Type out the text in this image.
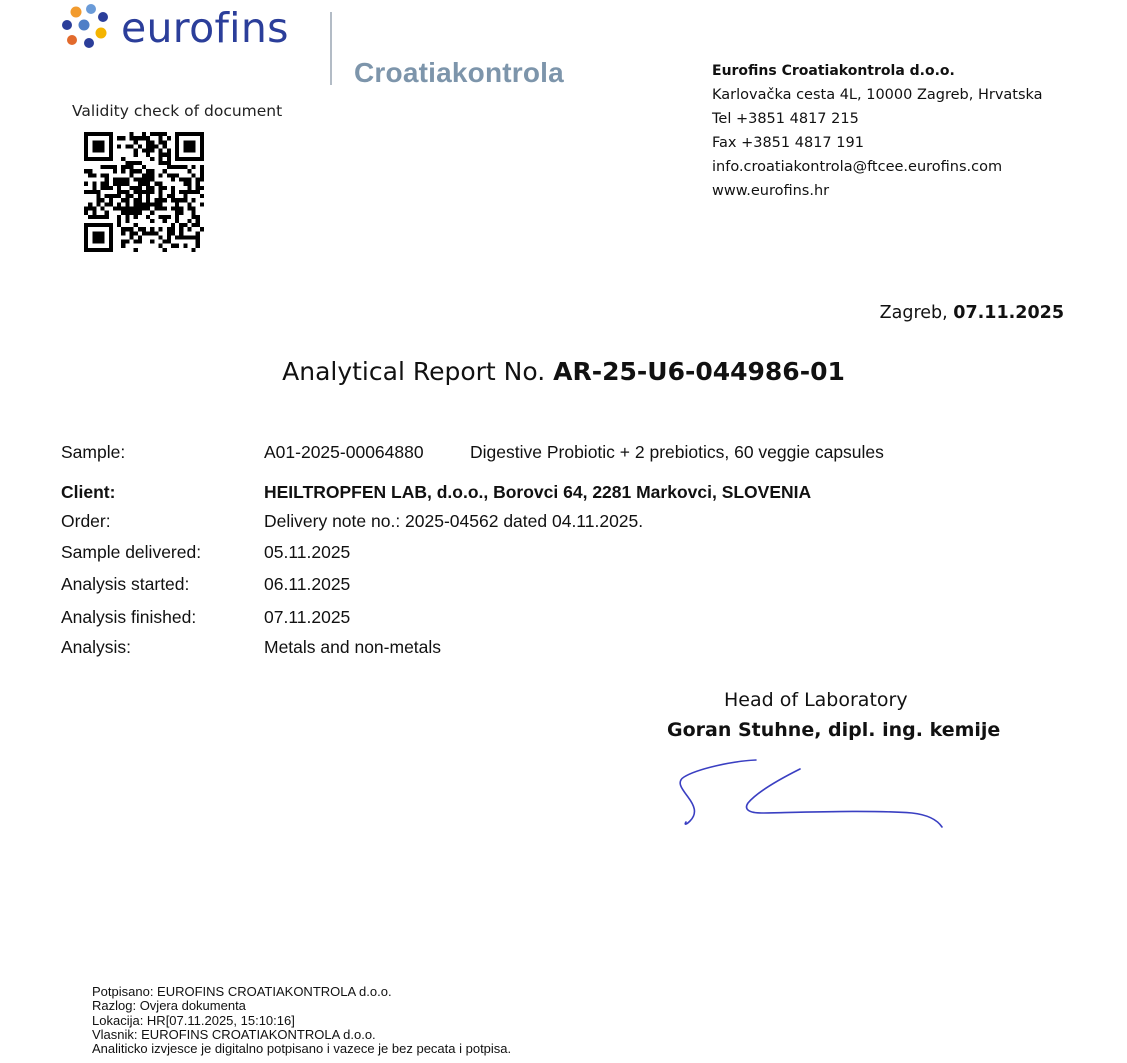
eurofins
Croatiakontrola	Eurofins Croatiakontrola d.o.o.
Karlovačka cesta 4L, 10000 Zagreb, Hrvatska
Tel +3851 4817 215
Fax +3851 4817 191
info.croatiakontrola@ftcee.eurofins.com
www.eurofins.hr
Validity check of document
Zagreb, 07.11.2025
Analytical Report No. AR-25-U6-044986-01
Sample:	A01-2025-00064880	Digestive Probiotic + 2 prebiotics, 60 veggie capsules
Client:	HEILTROPFEN LAB, d.o.o., Borovci 64, 2281 Markovci, SLOVENIA
Order:	Delivery note no.: 2025-04562 dated 04.11.2025.
Sample delivered:	05.11.2025
Analysis started:	06.11.2025
Analysis finished:	07.11.2025
Analysis:	Metals and non-metals
Head of Laboratory
Goran Stuhne, dipl. ing. kemije
Potpisano: EUROFINS CROATIAKONTROLA d.o.o.
Razlog: Ovjera dokumenta
Lokacija: HR[07.11.2025, 15:10:16]
Vlasnik: EUROFINS CROATIAKONTROLA d.o.o.
Analiticko izvjesce je digitalno potpisano i vazece je bez pecata i potpisa.
